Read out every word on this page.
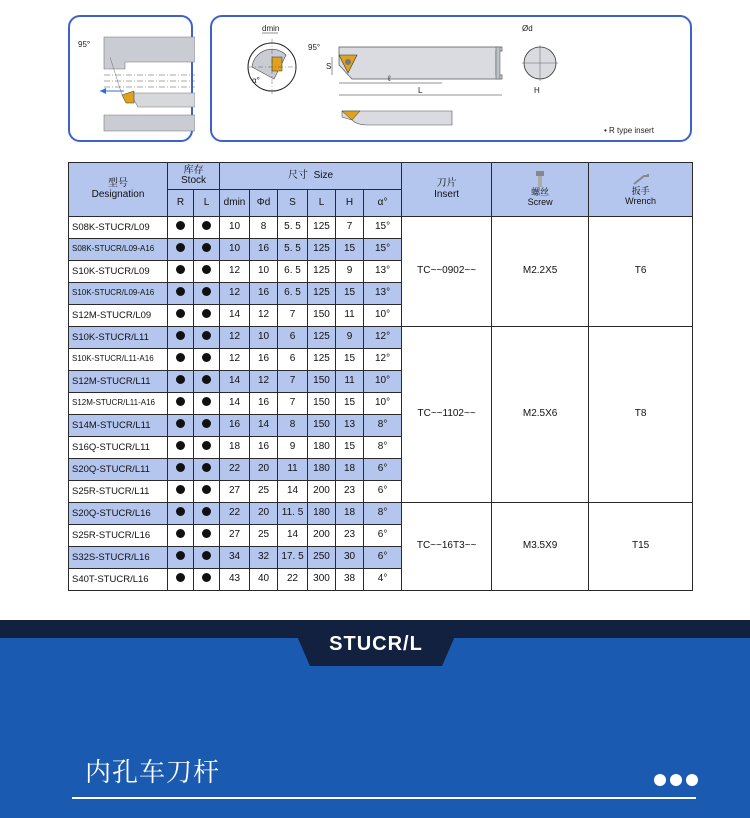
95°
dmin
α°
95°
S
ℓ
L
Ød
H
• R type insert
型号
Designation	库存
Stock		尺寸 Size						刀片
Insert	螺丝
Screw	扳手
Wrench
	R	L	dmin	Φd	S	L	H	α°			
S08K-STUCR/L09			10	8	5. 5	125	7	15°	TC~~0902~~	M2.2X5	T6
S08K-STUCR/L09-A16			10	16	5. 5	125	15	15°			
S10K-STUCR/L09			12	10	6. 5	125	9	13°			
S10K-STUCR/L09-A16			12	16	6. 5	125	15	13°			
S12M-STUCR/L09			14	12	7	150	11	10°			
S10K-STUCR/L11			12	10	6	125	9	12°	TC~~1102~~	M2.5X6	T8
S10K-STUCR/L11-A16			12	16	6	125	15	12°			
S12M-STUCR/L11			14	12	7	150	11	10°			
S12M-STUCR/L11-A16			14	16	7	150	15	10°			
S14M-STUCR/L11			16	14	8	150	13	8°			
S16Q-STUCR/L11			18	16	9	180	15	8°			
S20Q-STUCR/L11			22	20	11	180	18	6°			
S25R-STUCR/L11			27	25	14	200	23	6°			
S20Q-STUCR/L16			22	20	11. 5	180	18	8°	TC~~16T3~~	M3.5X9	T15
S25R-STUCR/L16			27	25	14	200	23	6°			
S32S-STUCR/L16			34	32	17. 5	250	30	6°			
S40T-STUCR/L16			43	40	22	300	38	4°			
STUCR/L
内孔车刀杆
